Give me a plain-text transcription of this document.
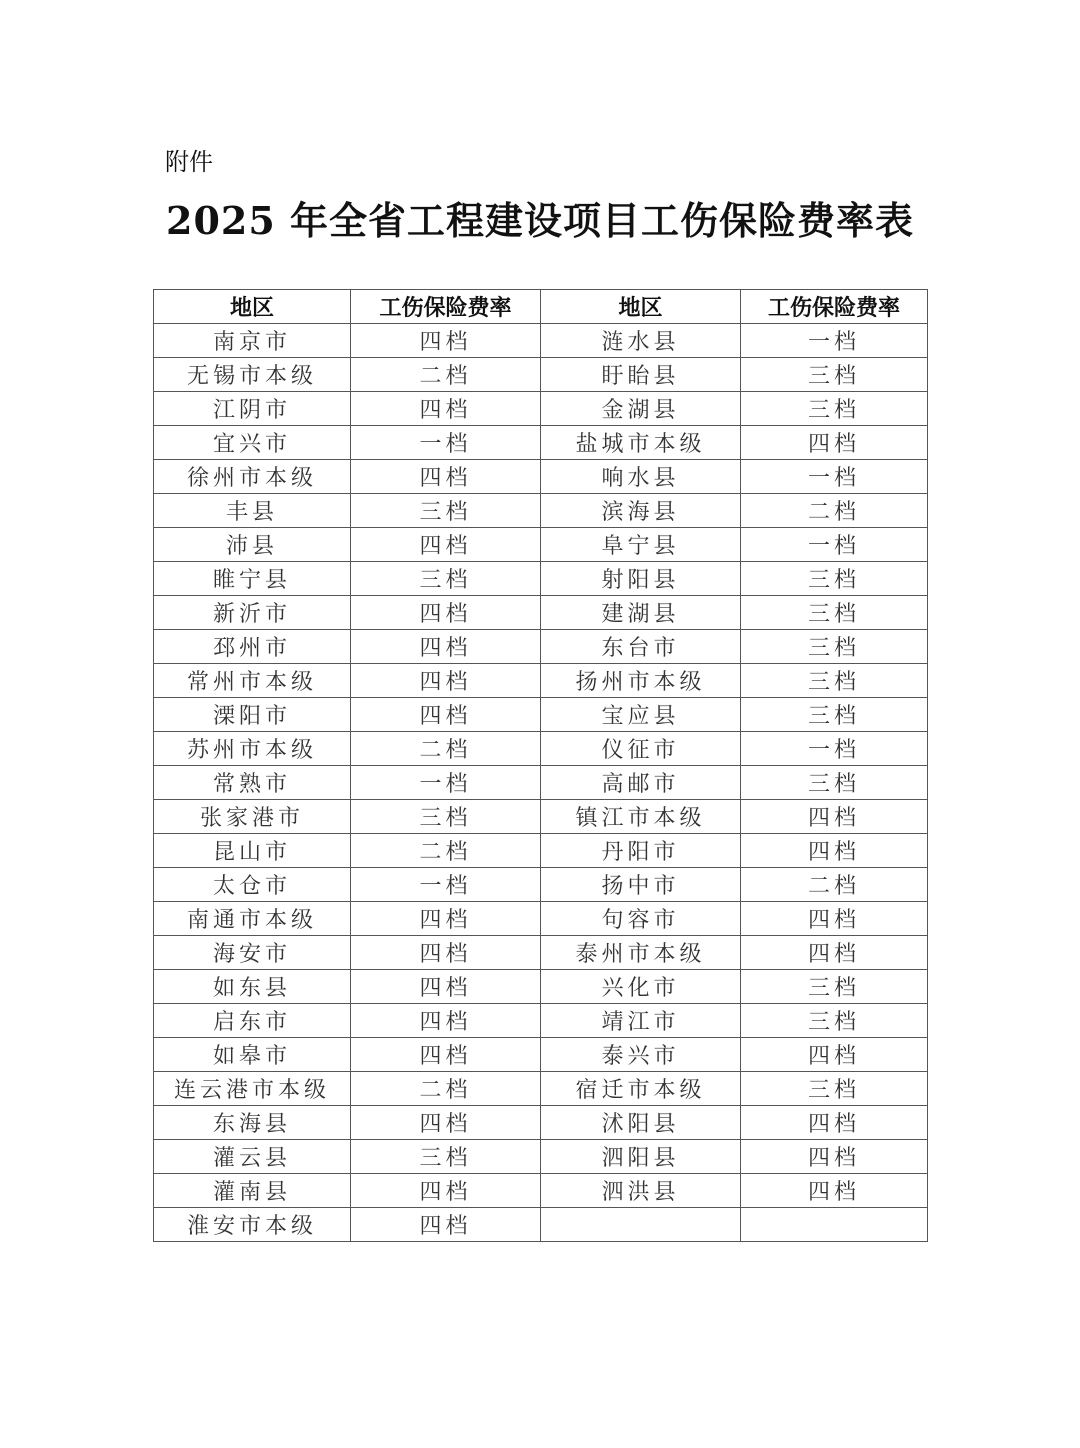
附件
2025 年全省工程建设项目工伤保险费率表
地区	工伤保险费率	地区	工伤保险费率
南京市	四档	涟水县	一档
无锡市本级	二档	盱眙县	三档
江阴市	四档	金湖县	三档
宜兴市	一档	盐城市本级	四档
徐州市本级	四档	响水县	一档
丰县	三档	滨海县	二档
沛县	四档	阜宁县	一档
睢宁县	三档	射阳县	三档
新沂市	四档	建湖县	三档
邳州市	四档	东台市	三档
常州市本级	四档	扬州市本级	三档
溧阳市	四档	宝应县	三档
苏州市本级	二档	仪征市	一档
常熟市	一档	高邮市	三档
张家港市	三档	镇江市本级	四档
昆山市	二档	丹阳市	四档
太仓市	一档	扬中市	二档
南通市本级	四档	句容市	四档
海安市	四档	泰州市本级	四档
如东县	四档	兴化市	三档
启东市	四档	靖江市	三档
如皋市	四档	泰兴市	四档
连云港市本级	二档	宿迁市本级	三档
东海县	四档	沭阳县	四档
灌云县	三档	泗阳县	四档
灌南县	四档	泗洪县	四档
淮安市本级	四档		
